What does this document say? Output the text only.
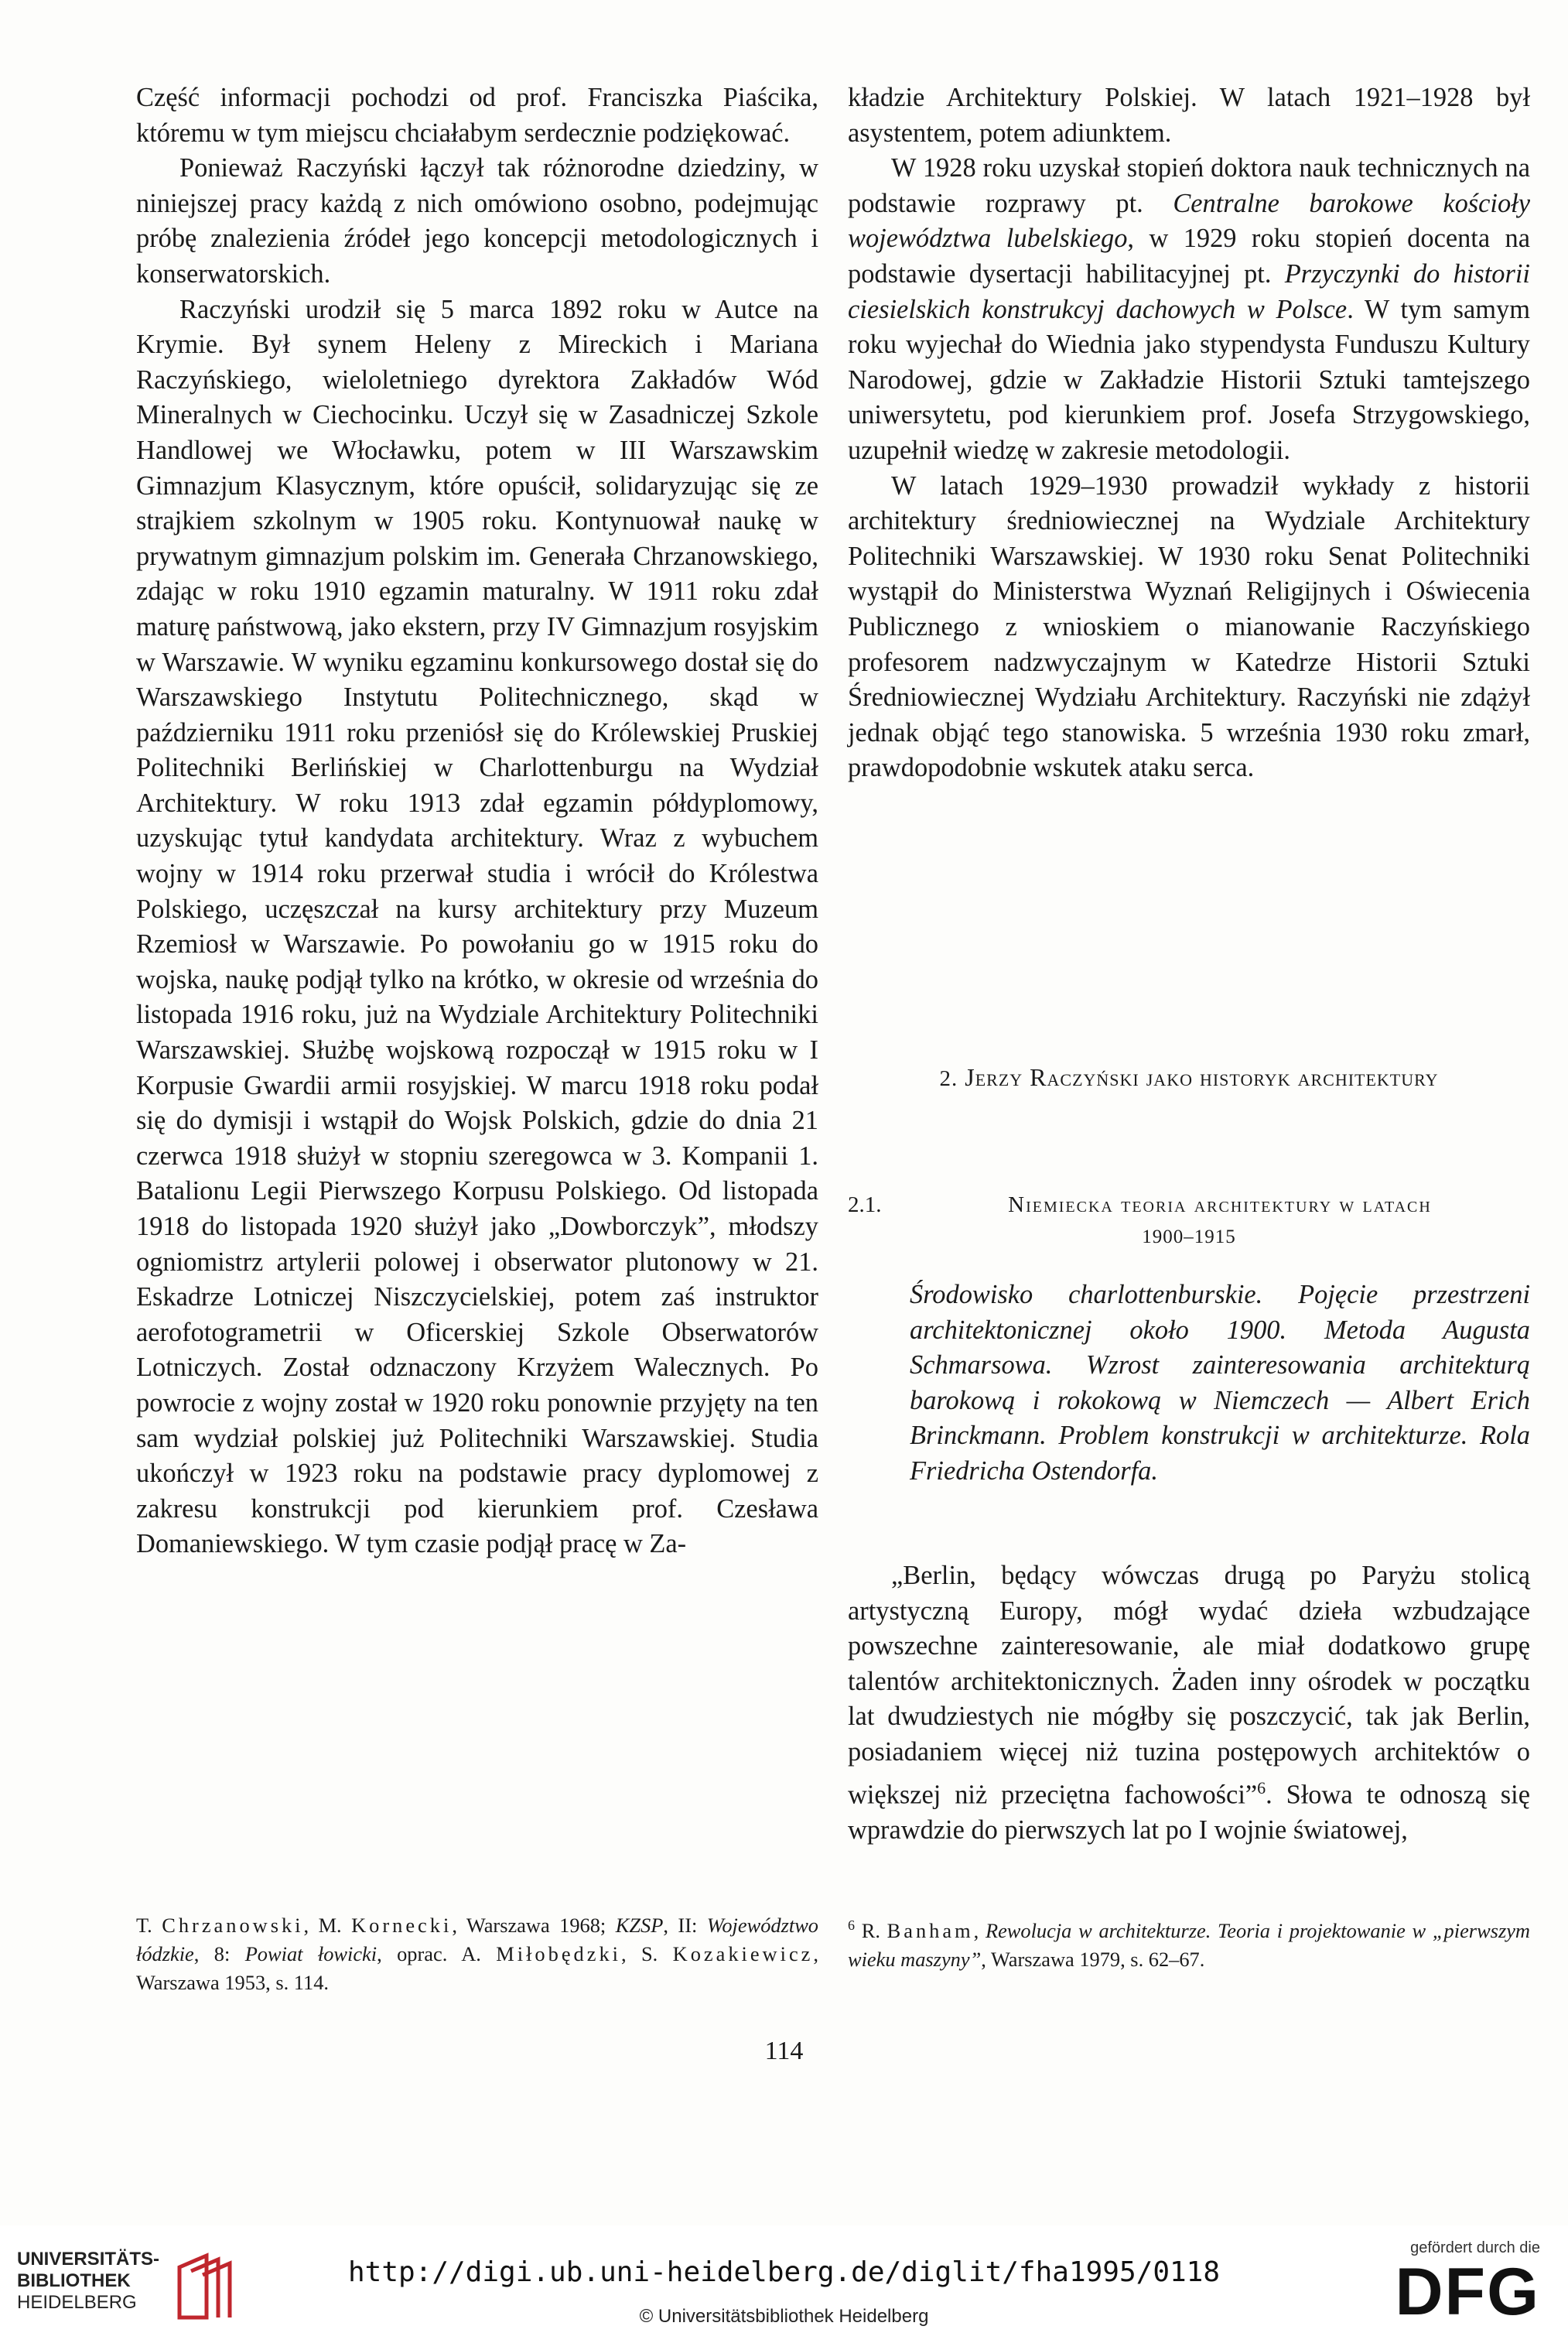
Część informacji pochodzi od prof. Franciszka Piaścika, któremu w tym miejscu chciałabym serdecznie podziękować.

Ponieważ Raczyński łączył tak różnorodne dziedziny, w niniejszej pracy każdą z nich omówiono osobno, podejmując próbę znalezienia źródeł jego koncepcji metodologicznych i konserwatorskich.

Raczyński urodził się 5 marca 1892 roku w Autce na Krymie. Był synem Heleny z Mireckich i Mariana Raczyńskiego, wieloletniego dyrektora Zakładów Wód Mineralnych w Ciechocinku. Uczył się w Zasadniczej Szkole Handlowej we Włocławku, potem w III Warszawskim Gimnazjum Klasycznym, które opuścił, solidaryzując się ze strajkiem szkolnym w 1905 roku. Kontynuował naukę w prywatnym gimnazjum polskim im. Generała Chrzanowskiego, zdając w roku 1910 egzamin maturalny. W 1911 roku zdał maturę państwową, jako ekstern, przy IV Gimnazjum rosyjskim w Warszawie. W wyniku egzaminu konkursowego dostał się do Warszawskiego Instytutu Politechnicznego, skąd w październiku 1911 roku przeniósł się do Królewskiej Pruskiej Politechniki Berlińskiej w Charlottenburgu na Wydział Architektury. W roku 1913 zdał egzamin półdyplomowy, uzyskując tytuł kandydata architektury. Wraz z wybuchem wojny w 1914 roku przerwał studia i wrócił do Królestwa Polskiego, uczęszczał na kursy architektury przy Muzeum Rzemiosł w Warszawie. Po powołaniu go w 1915 roku do wojska, naukę podjął tylko na krótko, w okresie od września do listopada 1916 roku, już na Wydziale Architektury Politechniki Warszawskiej. Służbę wojskową rozpoczął w 1915 roku w I Korpusie Gwardii armii rosyjskiej. W marcu 1918 roku podał się do dymisji i wstąpił do Wojsk Polskich, gdzie do dnia 21 czerwca 1918 służył w stopniu szeregowca w 3. Kompanii 1. Batalionu Legii Pierwszego Korpusu Polskiego. Od listopada 1918 do listopada 1920 służył jako „Dowborczyk”, młodszy ogniomistrz artylerii polowej i obserwator plutonowy w 21. Eskadrze Lotniczej Niszczycielskiej, potem zaś instruktor aerofotogrametrii w Oficerskiej Szkole Obserwatorów Lotniczych. Został odznaczony Krzyżem Walecznych. Po powrocie z wojny został w 1920 roku ponownie przyjęty na ten sam wydział polskiej już Politechniki Warszawskiej. Studia ukończył w 1923 roku na podstawie pracy dyplomowej z zakresu konstrukcji pod kierunkiem prof. Czesława Domaniewskiego. W tym czasie podjął pracę w Za-

kładzie Architektury Polskiej. W latach 1921–1928 był asystentem, potem adiunktem.

W 1928 roku uzyskał stopień doktora nauk technicznych na podstawie rozprawy pt. Centralne barokowe kościoły województwa lubelskiego, w 1929 roku stopień docenta na podstawie dysertacji habilitacyjnej pt. Przyczynki do historii ciesielskich konstrukcyj dachowych w Polsce. W tym samym roku wyjechał do Wiednia jako stypendysta Funduszu Kultury Narodowej, gdzie w Zakładzie Historii Sztuki tamtejszego uniwersytetu, pod kierunkiem prof. Josefa Strzygowskiego, uzupełnił wiedzę w zakresie metodologii.

W latach 1929–1930 prowadził wykłady z historii architektury średniowiecznej na Wydziale Architektury Politechniki Warszawskiej. W 1930 roku Senat Politechniki wystąpił do Ministerstwa Wyznań Religijnych i Oświecenia Publicznego z wnioskiem o mianowanie Raczyńskiego profesorem nadzwyczajnym w Katedrze Historii Sztuki Średniowiecznej Wydziału Architektury. Raczyński nie zdążył jednak objąć tego stanowiska. 5 września 1930 roku zmarł, prawdopodobnie wskutek ataku serca.

2. Jerzy Raczyński jako historyk architektury
2.1.	Niemiecka teoria architektury w latach
1900–1915
Środowisko charlottenburskie. Pojęcie przestrzeni architektonicznej około 1900. Metoda Augusta Schmarsowa. Wzrost zainteresowania architekturą barokową i rokokową w Niemczech — Albert Erich Brinckmann. Problem konstrukcji w architekturze. Rola Friedricha Ostendorfa.

„Berlin, będący wówczas drugą po Paryżu stolicą artystyczną Europy, mógł wydać dzieła wzbudzające powszechne zainteresowanie, ale miał dodatkowo grupę talentów architektonicznych. Żaden inny ośrodek w początku lat dwudziestych nie mógłby się poszczycić, tak jak Berlin, posiadaniem więcej niż tuzina postępowych architektów o większej niż przeciętna fachowości”$^6$. Słowa te odnoszą się wprawdzie do pierwszych lat po I wojnie światowej,

T. Chrzanowski, M. Kornecki, Warszawa 1968; KZSP, II: Województwo łódzkie, 8: Powiat łowicki, oprac. A. Miłobędzki, S. Kozakiewicz, Warszawa 1953, s. 114.
$^6$ R. Banham, Rewolucja w architekturze. Teoria i projektowanie w „pierwszym wieku maszyny”, Warszawa 1979, s. 62–67.
114
UNIVERSITÄTS-
BIBLIOTHEK
HEIDELBERG
http://digi.ub.uni-heidelberg.de/diglit/fha1995/0118
© Universitätsbibliothek Heidelberg
gefördert durch die
DFG
